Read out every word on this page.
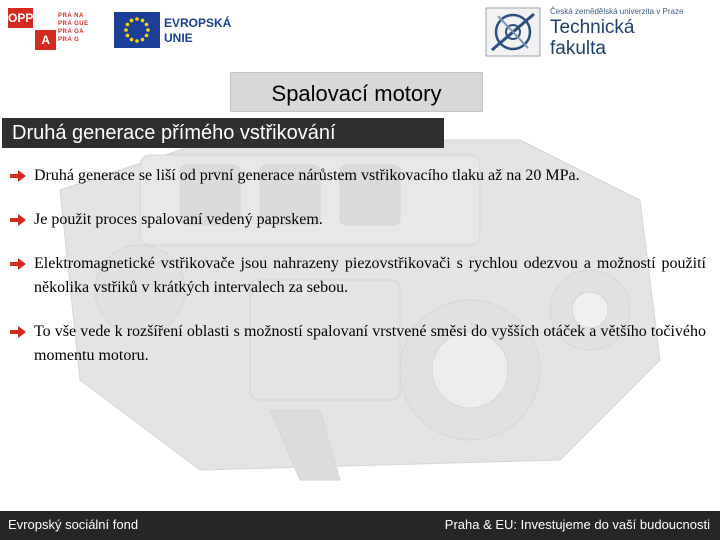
OPP
A
PRA NA
PRA GUE
PRA GA
PRA G
EVROPSKÁ
UNIE
Česká zemědělská univerzita v Praze
Technická
fakulta
Spalovací motory
Druhá generace přímého vstřikování
Druhá generace se liší od první generace nárůstem vstřikovacího tlaku až na 20 MPa.
Je použit proces spalovaní vedený paprskem.
Elektromagnetické vstřikovače jsou nahrazeny piezovstřikovači s rychlou odezvou a možností použití několika vstřiků v krátkých intervalech za sebou.
To vše vede k rozšíření oblasti s možností spalovaní vrstvené směsi do vyšších otáček a většího točivého momentu motoru.
Evropský sociální fond	Praha & EU: Investujeme do vaší budoucnosti
